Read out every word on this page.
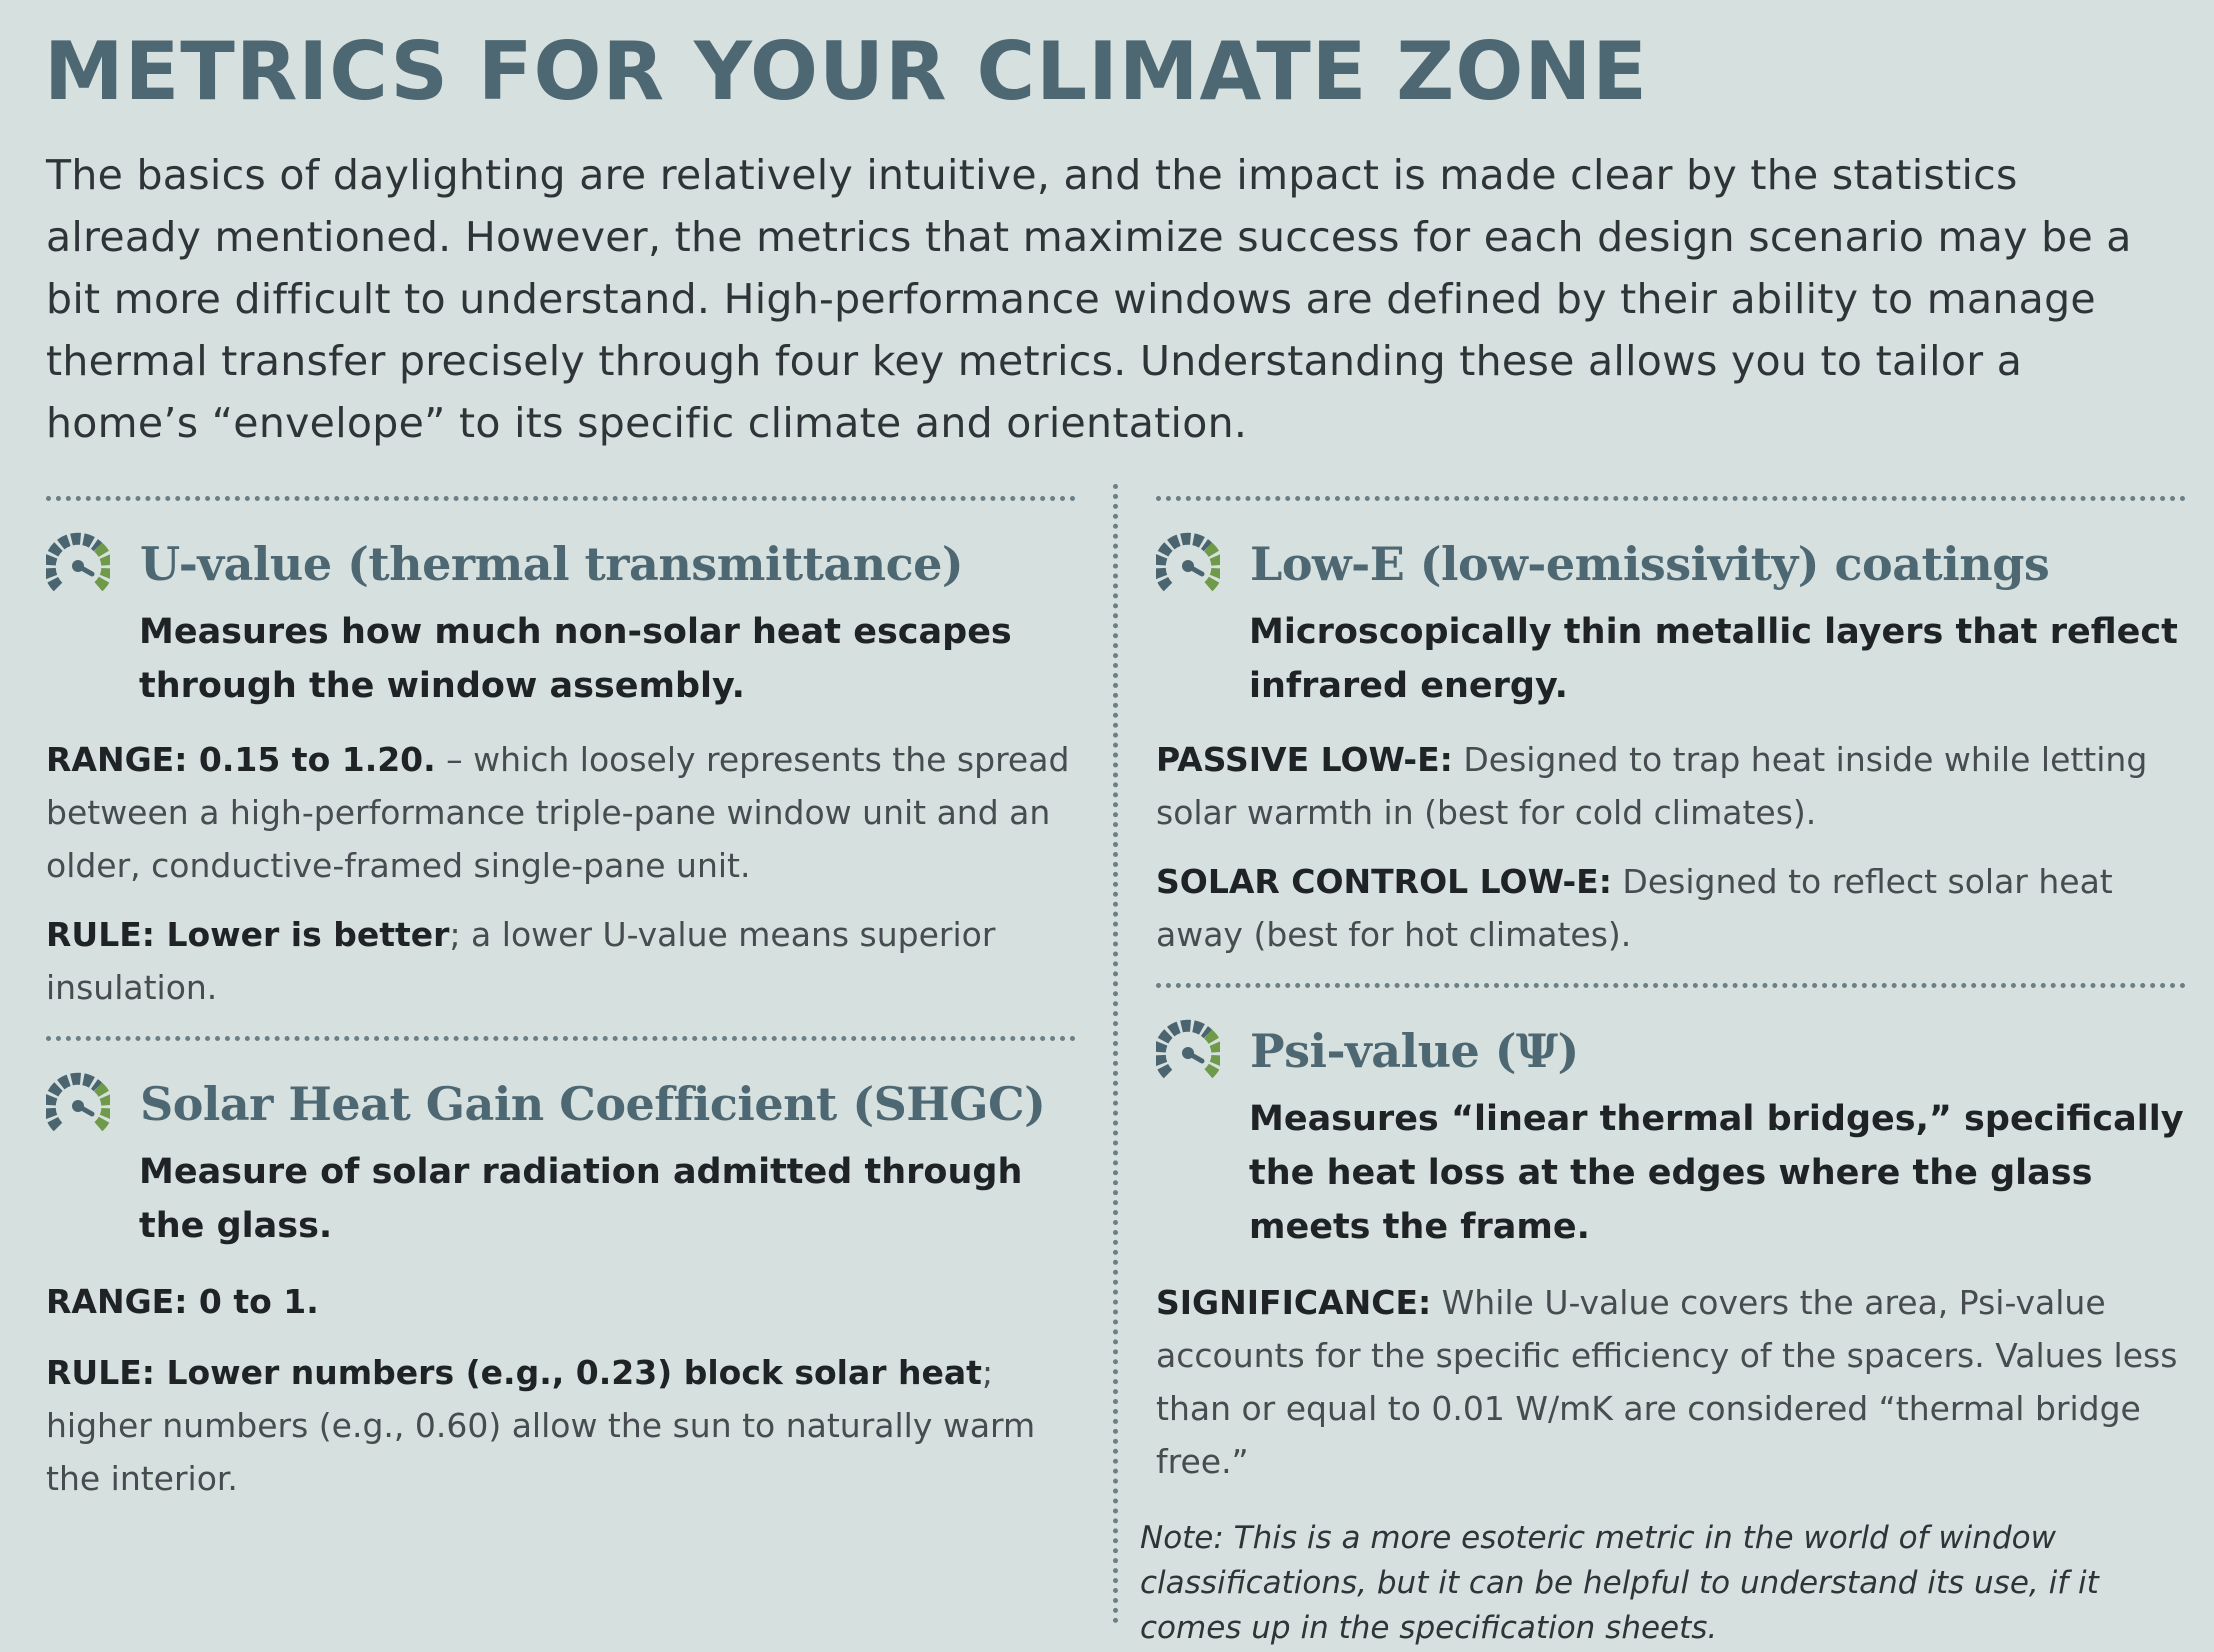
METRICS FOR YOUR CLIMATE ZONE

The basics of daylighting are relatively intuitive, and the impact is made clear by the statistics already mentioned. However, the metrics that maximize success for each design scenario may be a bit more difficult to understand. High-performance windows are defined by their ability to manage thermal transfer precisely through four key metrics. Understanding these allows you to tailor a home’s “envelope” to its specific climate and orientation.

U-value (thermal transmittance)
Measures how much non-solar heat escapes through the window assembly.

RANGE: 0.15 to 1.20. – which loosely represents the spread between a high-performance triple-pane window unit and an older, conductive-framed single-pane unit.

RULE: Lower is better; a lower U-value means superior insulation.

Solar Heat Gain Coefficient (SHGC)
Measure of solar radiation admitted through the glass.

RANGE: 0 to 1.

RULE: Lower numbers (e.g., 0.23) block solar heat; higher numbers (e.g., 0.60) allow the sun to naturally warm the interior.

Low-E (low-emissivity) coatings
Microscopically thin metallic layers that reflect infrared energy.

PASSIVE LOW-E: Designed to trap heat inside while letting solar warmth in (best for cold climates).

SOLAR CONTROL LOW-E: Designed to reflect solar heat away (best for hot climates).

Psi-value (Ψ)
Measures “linear thermal bridges,” specifically the heat loss at the edges where the glass meets the frame.

SIGNIFICANCE: While U-value covers the area, Psi-value accounts for the specific efficiency of the spacers. Values less than or equal to 0.01 W/mK are considered “thermal bridge free.”

Note: This is a more esoteric metric in the world of window classifications, but it can be helpful to understand its use, if it comes up in the specification sheets.
